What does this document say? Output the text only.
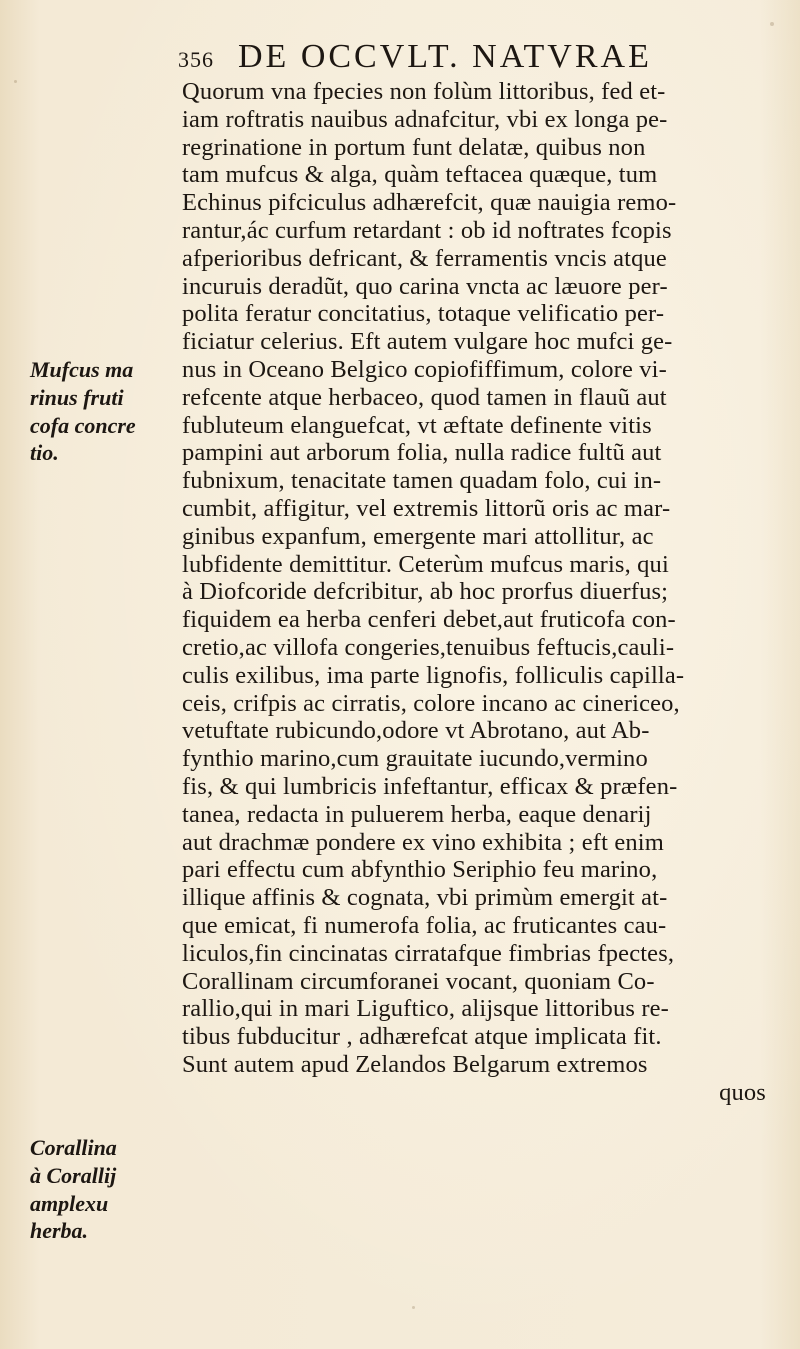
356 DE OCCVLT. NATVRAE
Quorum vna fpecies non folùm littoribus, fed et-
iam roftratis nauibus adnafcitur, vbi ex longa pe-
regrinatione in portum funt delatæ, quibus non
tam mufcus & alga, quàm teftacea quæque, tum
Echinus pifciculus adhærefcit, quæ nauigia remo-
rantur,ác curfum retardant : ob id noftrates fcopis
afperioribus defricant, & ferramentis vncis atque
incuruis deradũt, quo carina vncta ac læuore per-
polita feratur concitatius, totaque velificatio per-
ficiatur celerius. Eft autem vulgare hoc mufci ge-
nus in Oceano Belgico copiofiffimum, colore vi-
refcente atque herbaceo, quod tamen in flauũ aut
fubluteum elanguefcat, vt æftate definente vitis
pampini aut arborum folia, nulla radice fultũ aut
fubnixum, tenacitate tamen quadam folo, cui in-
cumbit, affigitur, vel extremis littorũ oris ac mar-
ginibus expanfum, emergente mari attollitur, ac
lubfidente demittitur. Ceterùm mufcus maris, qui
à Diofcoride defcribitur, ab hoc prorfus diuerfus;
fiquidem ea herba cenferi debet,aut fruticofa con-
cretio,ac villofa congeries,tenuibus feftucis,cauli-
culis exilibus, ima parte lignofis, folliculis capilla-
ceis, crifpis ac cirratis, colore incano ac cinericeo,
vetuftate rubicundo,odore vt Abrotano, aut Ab-
fynthio marino,cum grauitate iucundo,vermino
fis, & qui lumbricis infeftantur, efficax & præfen-
tanea, redacta in puluerem herba, eaque denarij
aut drachmæ pondere ex vino exhibita ; eft enim
pari effectu cum abfynthio Seriphio feu marino,
illique affinis & cognata, vbi primùm emergit at-
que emicat, fi numerofa folia, ac fruticantes cau-
liculos,fin cincinatas cirratafque fimbrias fpectes,
Corallinam circumforanei vocant, quoniam Co-
rallio,qui in mari Liguftico, alijsque littoribus re-
tibus fubducitur , adhærefcat atque implicata fit.
Sunt autem apud Zelandos Belgarum extremos
quos
Mufcus ma
rinus fruti
cofa concre
tio.
Corallina
à Corallij
amplexu
herba.
